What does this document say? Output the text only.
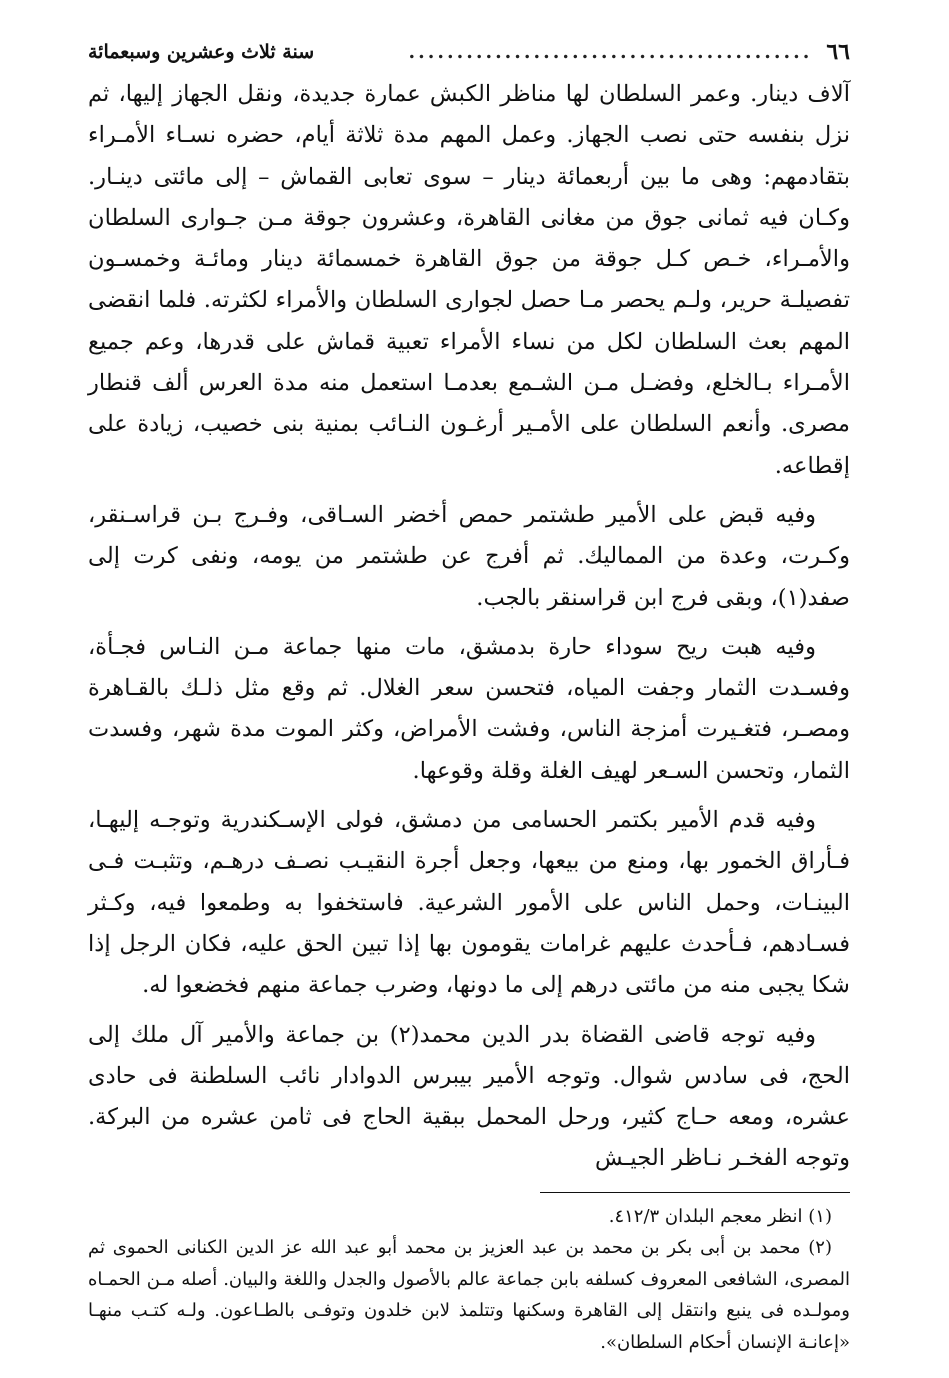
٦٦
..........................................
سنة ثلاث وعشرين وسبعمائة

آلاف دينار. وعمر السلطان لها مناظر الكبش عمارة جديدة، ونقل الجهاز إليها، ثم نزل بنفسه حتى نصب الجهاز. وعمل المهم مدة ثلاثة أيام، حضره نسـاء الأمـراء بتقادمهم: وهى ما بين أربعمائة دينار – سوى تعابى القماش – إلى مائتى دينـار. وكـان فيه ثمانى جوق من مغانى القاهرة، وعشرون جوقة مـن جـوارى السلطان والأمـراء، خـص كـل جوقة من جوق القاهرة خمسمائة دينار ومائـة وخمسـون تفصيلـة حرير، ولـم يحصر مـا حصل لجوارى السلطان والأمراء لكثرته. فلما انقضى المهم بعث السلطان لكل من نساء الأمراء تعبية قماش على قدرها، وعم جميع الأمـراء بـالخلع، وفضـل مـن الشـمع بعدمـا استعمل منه مدة العرس ألف قنطار مصرى. وأنعم السلطان على الأمـير أرغـون النـائب بمنية بنى خصيب، زيادة على إقطاعه.

وفيه قبض على الأمير طشتمر حمص أخضر السـاقى، وفـرج بـن قراسـنقر، وكـرت، وعدة من المماليك. ثم أفرج عن طشتمر من يومه، ونفى كرت إلى صفد(١)، وبقى فرج ابن قراسنقر بالجب.

وفيه هبت ريح سوداء حارة بدمشق، مات منها جماعة مـن النـاس فجـأة، وفسـدت الثمار وجفت المياه، فتحسن سعر الغلال. ثم وقع مثل ذلـك بالقـاهرة ومصـر، فتغـيرت أمزجة الناس، وفشت الأمراض، وكثر الموت مدة شهر، وفسدت الثمار، وتحسن السـعر لهيف الغلة وقلة وقوعها.

وفيه قدم الأمير بكتمر الحسامى من دمشق، فولى الإسـكندرية وتوجـه إليهـا، فـأراق الخمور بها، ومنع من بيعها، وجعل أجرة النقيـب نصـف درهـم، وتثبـت فـى البينـات، وحمل الناس على الأمور الشرعية. فاستخفوا به وطمعوا فيه، وكـثر فسـادهم، فـأحدث عليهم غرامات يقومون بها إذا تبين الحق عليه، فكان الرجل إذا شكا يجبى منه من مائتى درهم إلى ما دونها، وضرب جماعة منهم فخضعوا له.

وفيه توجه قاضى القضاة بدر الدين محمد(٢) بن جماعة والأمير آل ملك إلى الحج، فى سادس شوال. وتوجه الأمير بيبرس الدوادار نائب السلطنة فى حادى عشره، ومعه حـاج كثير، ورحل المحمل ببقية الحاج فى ثامن عشره من البركة. وتوجه الفخـر نـاظر الجيـش

(١) انظر معجم البلدان ٤١٢/٣.

(٢) محمد بن أبى بكر بن محمد بن عبد العزيز بن محمد أبو عبد الله عز الدين الكنانى الحموى ثم المصرى، الشافعى المعروف كسلفه بابن جماعة عالم بالأصول والجدل واللغة والبيان. أصله مـن الحمـاه ومولـده فى ينبع وانتقل إلى القاهرة وسكنها وتتلمذ لابن خلدون وتوفـى بالطـاعون. ولـه كتـب منهـا «إعانـة الإنسان أحكام السلطان».
